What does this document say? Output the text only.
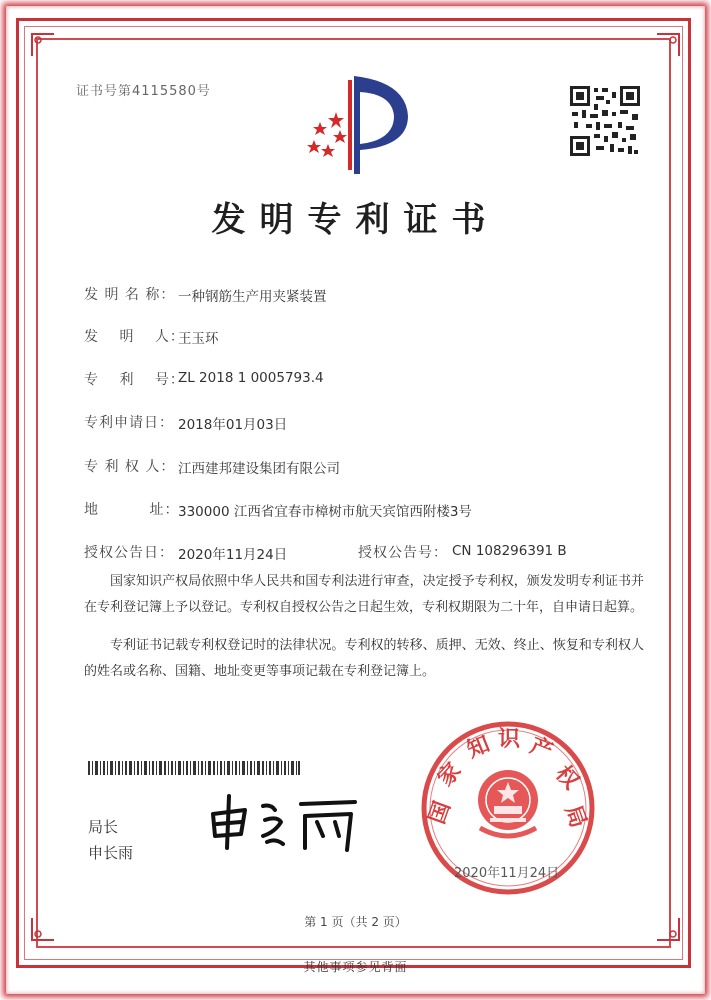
证书号第4115580号
发明专利证书
发 明 名 称： 一种钢筋生产用夹紧装置
发　 明 　人：
王玉环
专　 利 　号：
ZL 2018 1 0005793.4
专利申请日： 2018年01月03日
专 利 权 人： 江西建邦建设集团有限公司
地　　　 址：
330000 江西省宜春市樟树市航天宾馆西附楼3号
授权公告日： 2020年11月24日	授权公告号： CN 108296391 B
国家知识产权局依照中华人民共和国专利法进行审查，决定授予专利权，颁发发明专利证书并在专利登记簿上予以登记。专利权自授权公告之日起生效，专利权期限为二十年，自申请日起算。
专利证书记载专利权登记时的法律状况。专利权的转移、质押、无效、终止、恢复和专利权人的姓名或名称、国籍、地址变更等事项记载在专利登记簿上。
局长
申长雨
国
家
知 识 产
权
局
2020年11月24日
第 1 页（共 2 页）
其他事项参见背面
